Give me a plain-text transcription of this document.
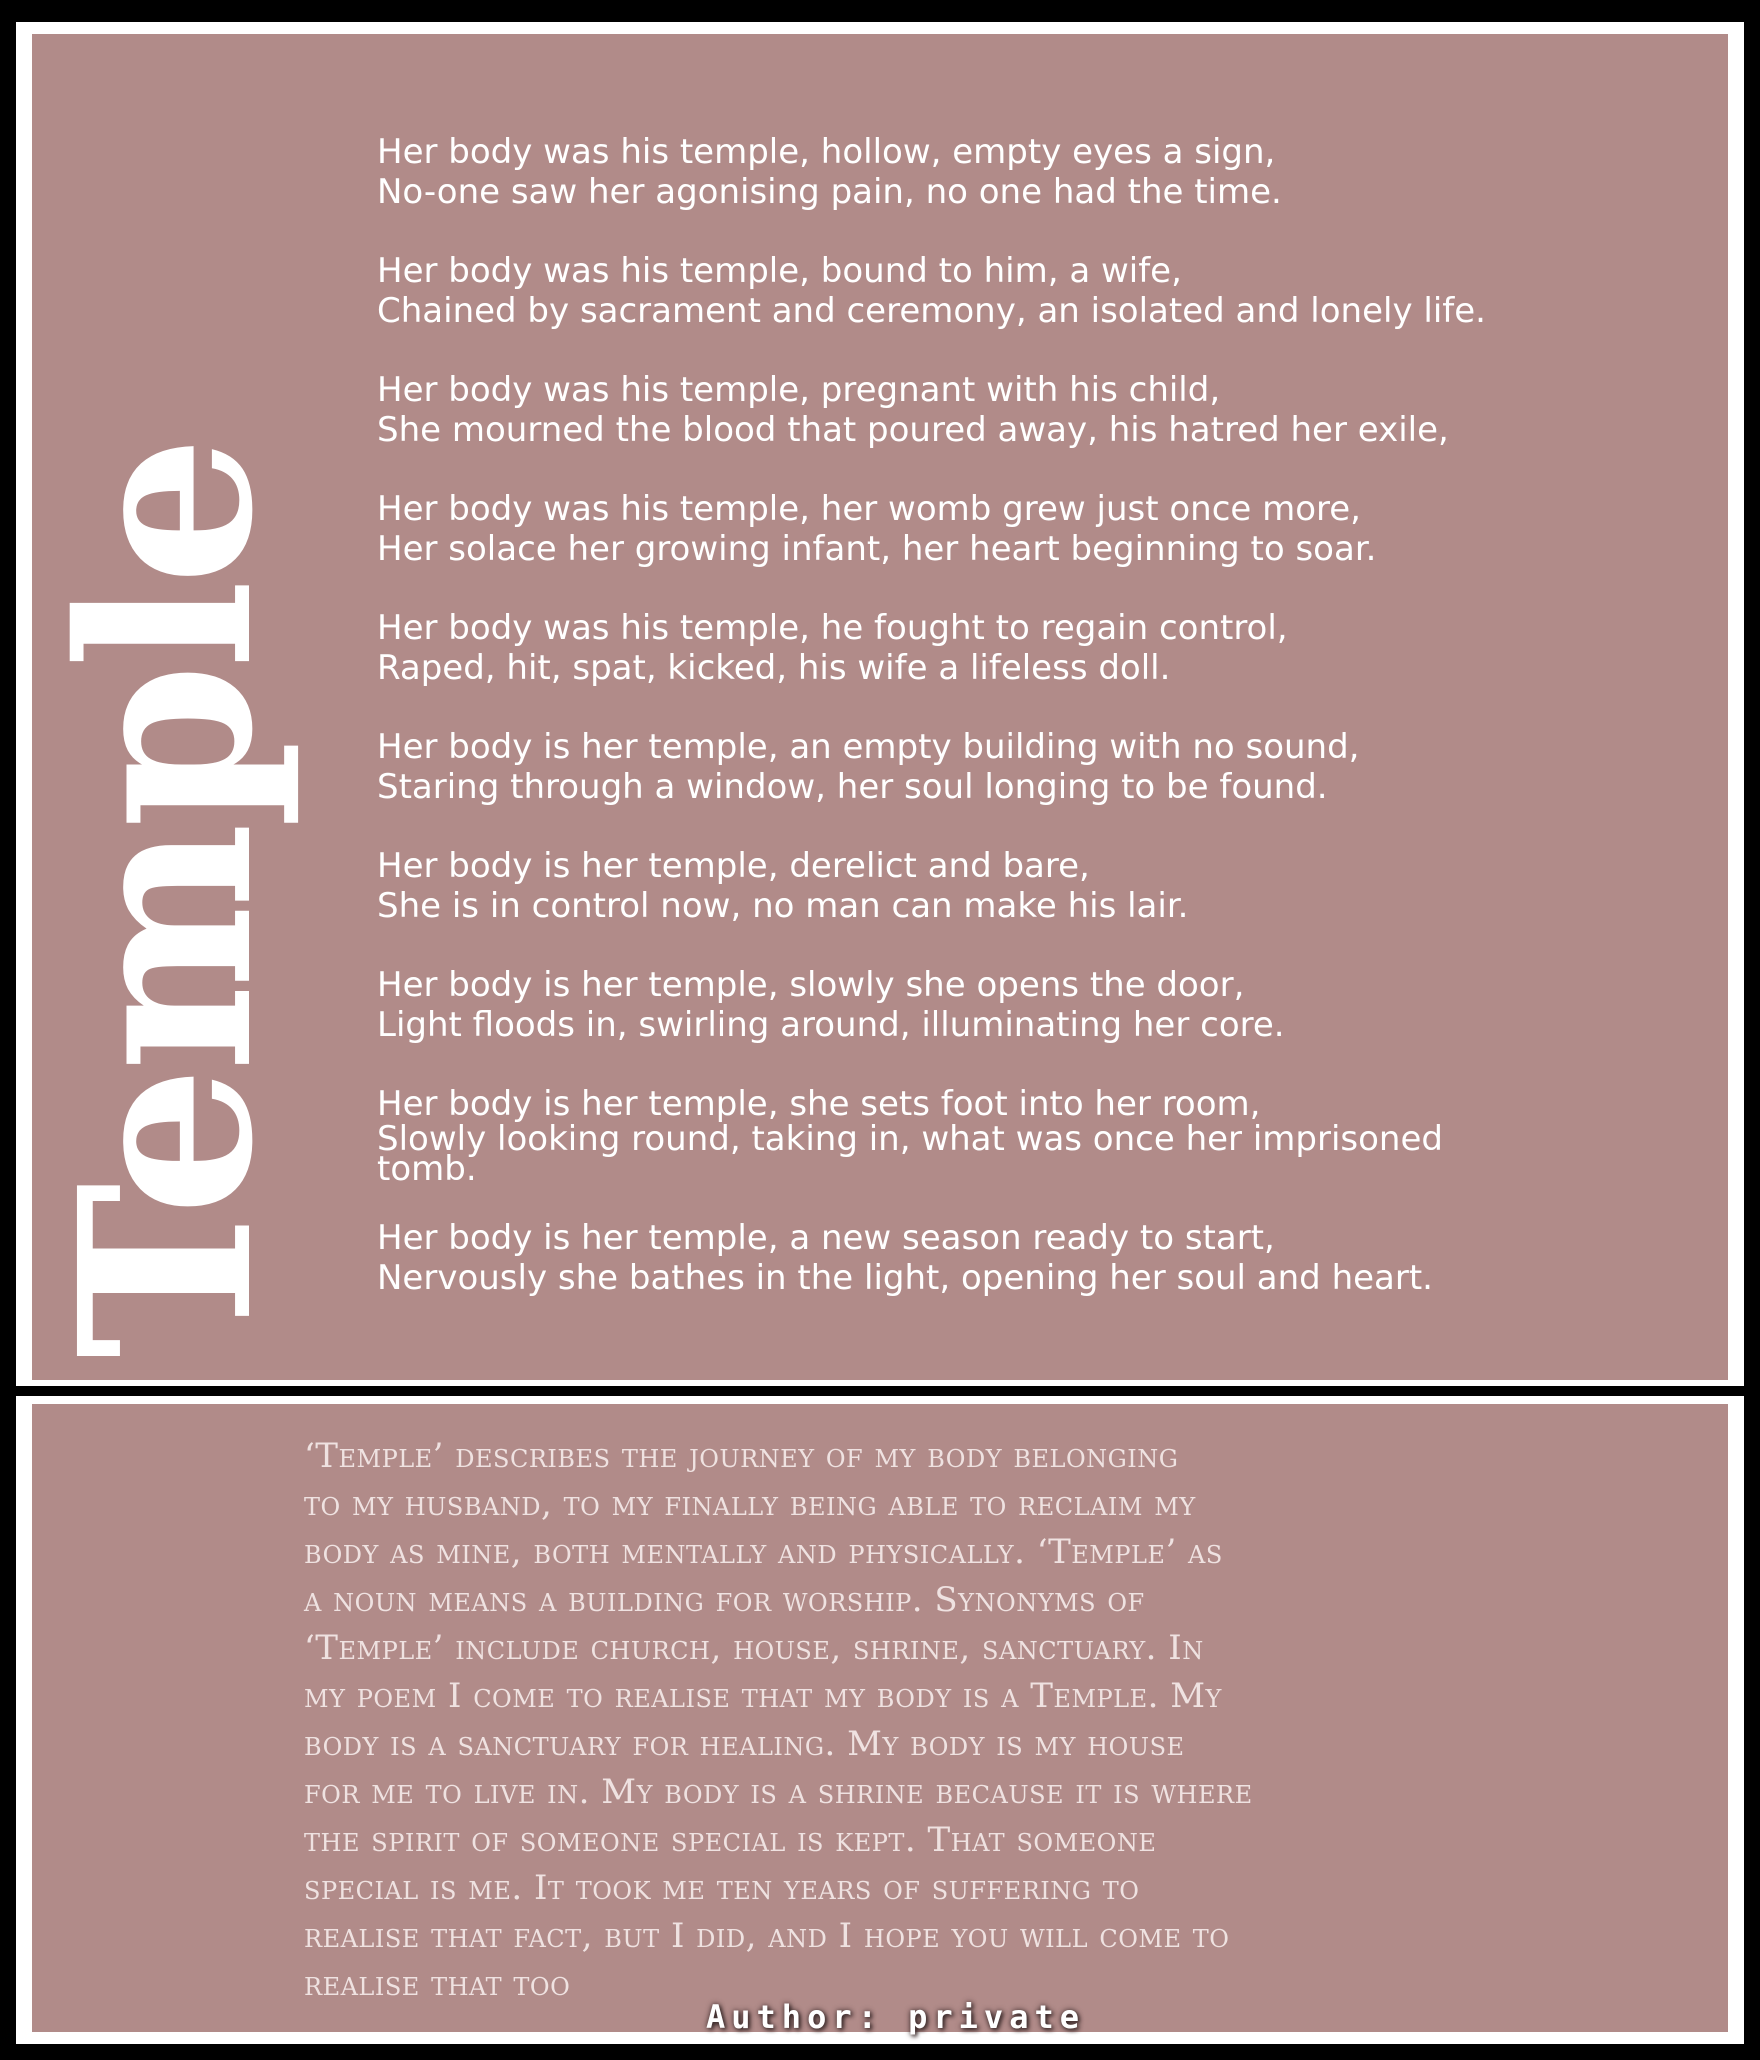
Temple
Her body was his temple, hollow, empty eyes a sign,
No-one saw her agonising pain, no one had the time.
Her body was his temple, bound to him, a wife,
Chained by sacrament and ceremony, an isolated and lonely life.
Her body was his temple, pregnant with his child,
She mourned the blood that poured away, his hatred her exile,
Her body was his temple, her womb grew just once more,
Her solace her growing infant, her heart beginning to soar.
Her body was his temple, he fought to regain control,
Raped, hit, spat, kicked, his wife a lifeless doll.
Her body is her temple, an empty building with no sound,
Staring through a window, her soul longing to be found.
Her body is her temple, derelict and bare,
She is in control now, no man can make his lair.
Her body is her temple, slowly she opens the door,
Light floods in, swirling around, illuminating her core.
Her body is her temple, she sets foot into her room,
Slowly looking round, taking in, what was once her imprisoned tomb.
Her body is her temple, a new season ready to start,
Nervously she bathes in the light, opening her soul and heart.
‘Temple’ describes the journey of my body belonging
to my husband, to my finally being able to reclaim my
body as mine, both mentally and physically. ‘Temple’ as
a noun means a building for worship. Synonyms of
‘Temple’ include church, house, shrine, sanctuary. In
my poem I come to realise that my body is a Temple. My
body is a sanctuary for healing. My body is my house
for me to live in. My body is a shrine because it is where
the spirit of someone special is kept. That someone
special is me. It took me ten years of suffering to
realise that fact, but I did, and I hope you will come to
realise that too
Author: private
